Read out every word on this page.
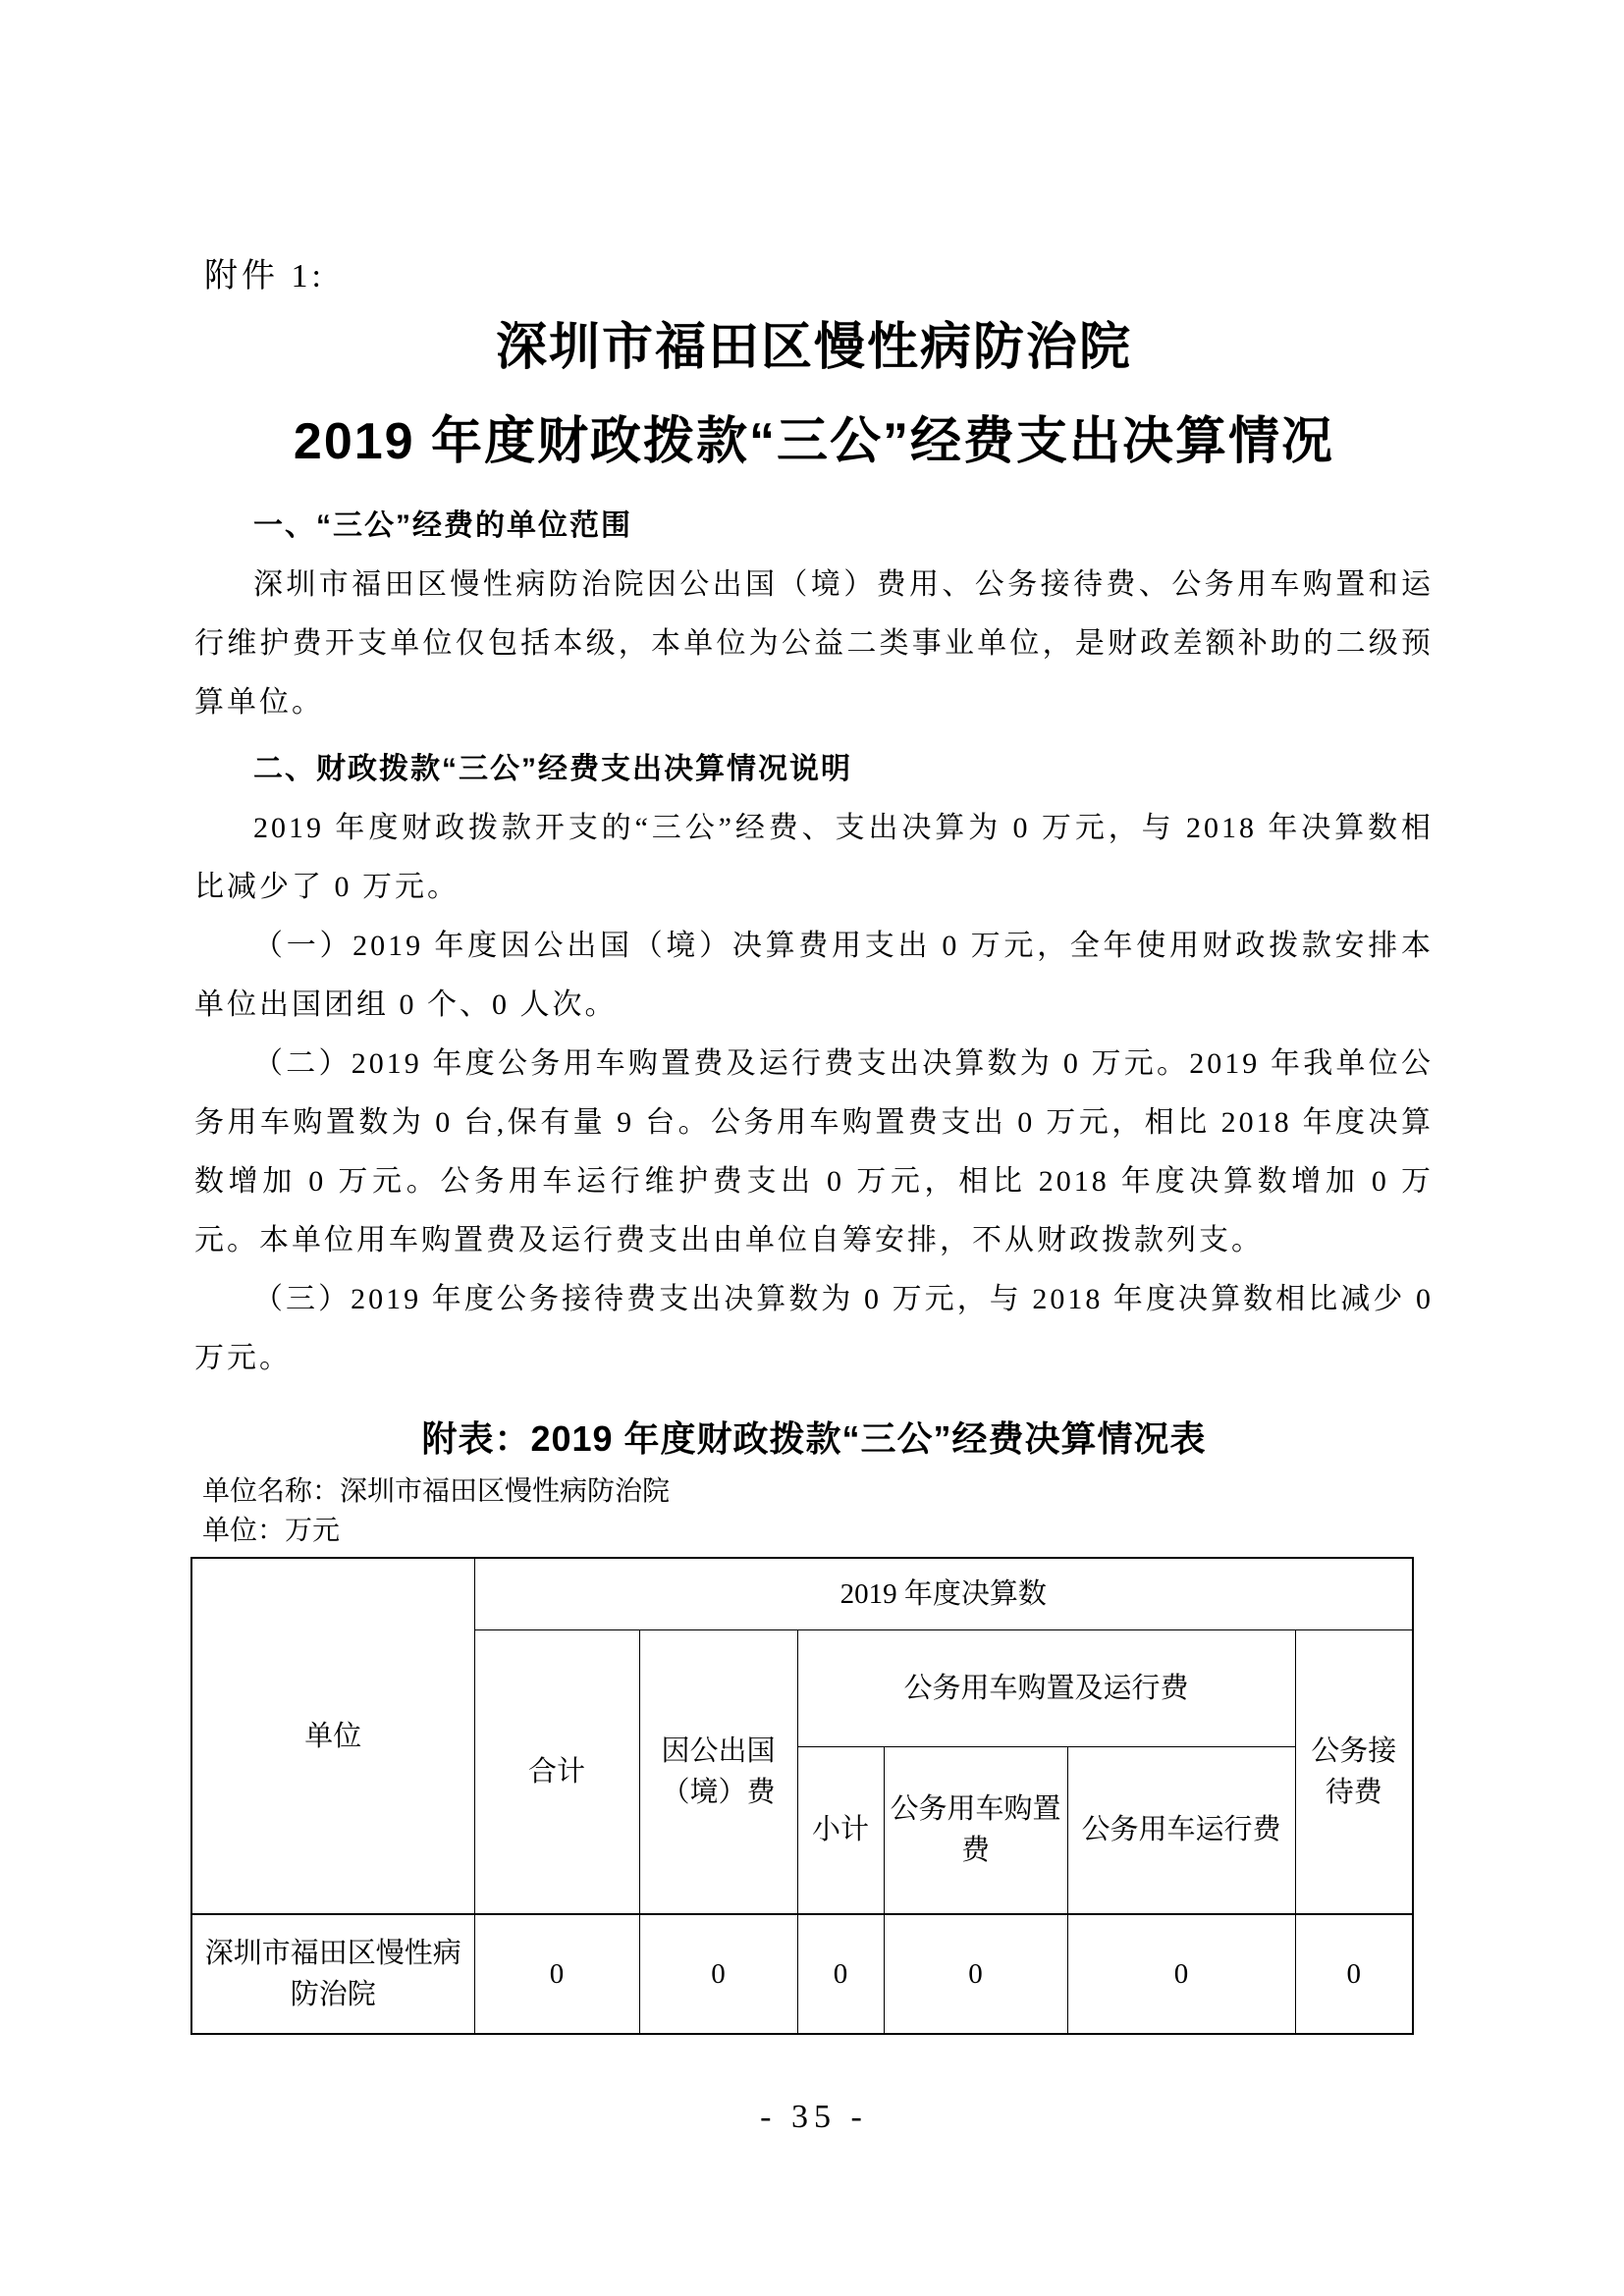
附件 1:
深圳市福田区慢性病防治院
2019 年度财政拨款“三公”经费支出决算情况
一、“三公”经费的单位范围

深圳市福田区慢性病防治院因公出国（境）费用、公务接待费、公务用车购置和运行维护费开支单位仅包括本级，本单位为公益二类事业单位，是财政差额补助的二级预算单位。

二、财政拨款“三公”经费支出决算情况说明

2019 年度财政拨款开支的“三公”经费、支出决算为 0 万元，与 2018 年决算数相比减少了 0 万元。

（一）2019 年度因公出国（境）决算费用支出 0 万元，全年使用财政拨款安排本单位出国团组 0 个、0 人次。

（二）2019 年度公务用车购置费及运行费支出决算数为 0 万元。2019 年我单位公务用车购置数为 0 台,保有量 9 台。公务用车购置费支出 0 万元，相比 2018 年度决算数增加 0 万元。公务用车运行维护费支出 0 万元，相比 2018 年度决算数增加 0 万元。本单位用车购置费及运行费支出由单位自筹安排，不从财政拨款列支。

（三）2019 年度公务接待费支出决算数为 0 万元，与 2018 年度决算数相比减少 0 万元。

附表：2019 年度财政拨款“三公”经费决算情况表
单位名称：深圳市福田区慢性病防治院
单位：万元
单位	2019 年度决算数					
	合计	因公出国（境）费	公务用车购置及运行费			公务接待费
			小计	公务用车购置费	公务用车运行费	
深圳市福田区慢性病防治院	0	0	0	0	0	0
- 35 -
